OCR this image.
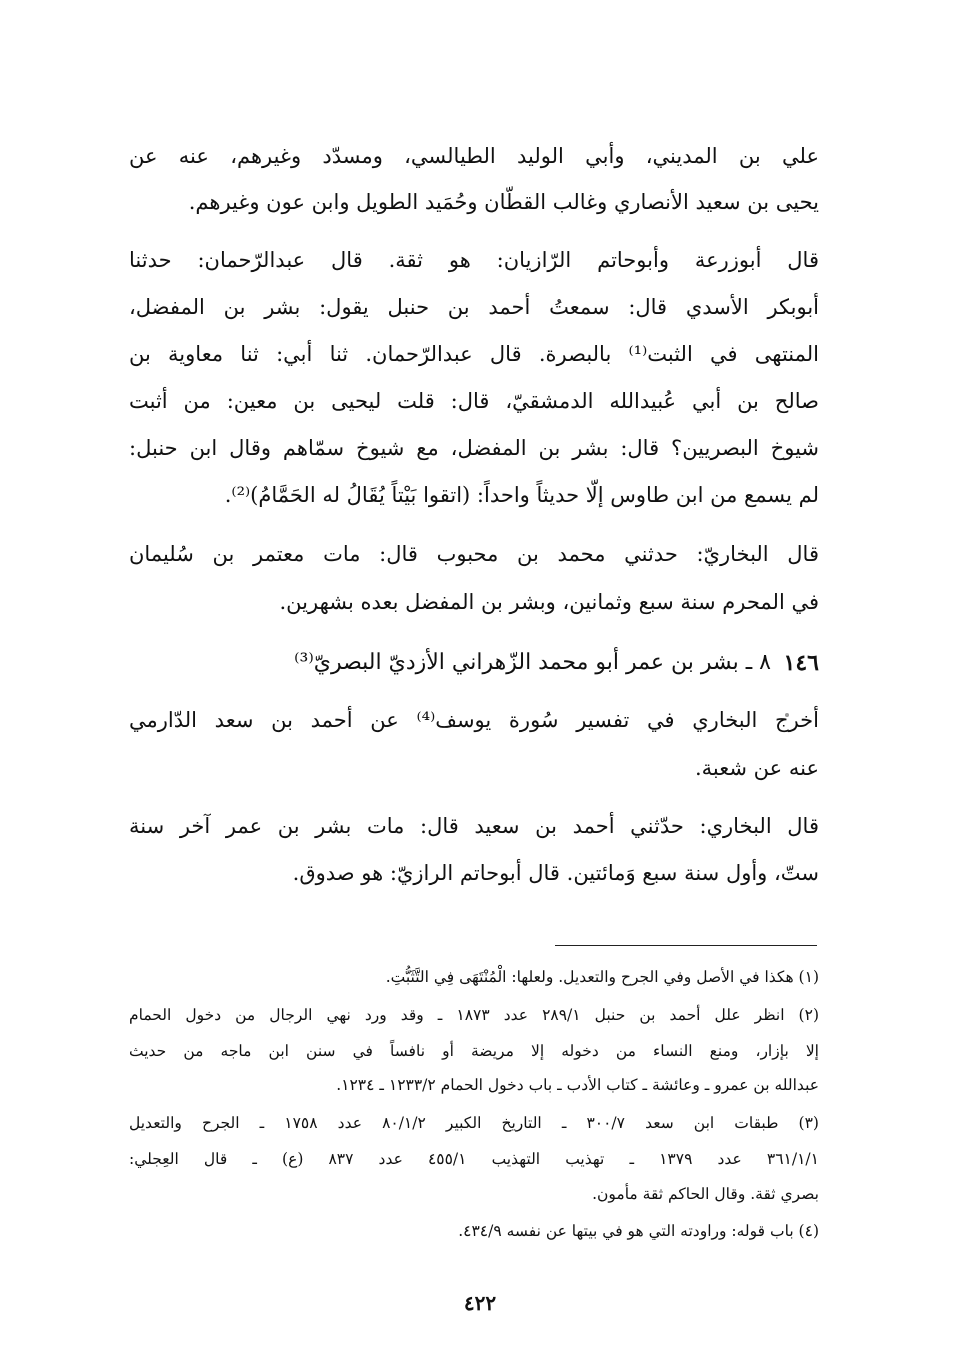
علي بن المديني، وأبي الوليد الطيالسي، ومسدّد وغيرهم، عنه عن
يحيى بن سعيد الأنصاري وغالب القطّان وحُمَيد الطويل وابن عون وغيرهم.
قال أبوزرعة وأبوحاتم الرّازيان: هو ثقة. قال عبدالرّحمان: حدثنا
أبوبكر الأسدي قال: سمعتُ أحمد بن حنبل يقول: بشر بن المفضل،
المنتهى في الثبت⁽¹⁾ بالبصرة. قال عبدالرّحمان. ثنا أبي: ثنا معاوية بن
صالح بن أبي عُبيدالله الدمشقيّ، قال: قلت ليحيى بن معين: من أثبت
شيوخ البصريين؟ قال: بشر بن المفضل، مع شيوخ سمّاهم وقال ابن حنبل:
لم يسمع من ابن طاوس إلّا حديثاً واحداً: (اتقوا بَيْتاً يُقَالُ له الحَمَّامُ)⁽²⁾.
قال البخاريّ: حدثني محمد بن محبوب قال: مات معتمر بن سُليمان
في المحرم سنة سبع وثمانين، وبشر بن المفضل بعده بشهرين.
١٤٦
٨ ـ بشر بن عمر أبو محمد الزّهراني الأزديّ البصريّ⁽³⁾
أخرج البخاري في تفسير سُورة يوسف⁽⁴⁾ عن أحمد بن سعد الدّارمي
عنه عن شعبة.
قال البخاري: حدّثني أحمد بن سعيد قال: مات بشر بن عمر آخر سنة
ستّ، وأول سنة سبع وَمائتين. قال أبوحاتم الرازيّ: هو صدوق.
(١) هكذا في الأصل وفي الجرح والتعديل. ولعلها: الْمُنْتَهَى فِي التَّثَبُّتِ.
(٢) انظر علل أحمد بن حنبل ٢٨٩/١ عدد ١٨٧٣ ـ وقد ورد نهي الرجال من دخول الحمام
إلا بإزار، ومنع النساء من دخوله إلا مريضة أو نافساً في سنن ابن ماجه من حديث
عبدالله بن عمرو ـ وعائشة ـ كتاب الأدب ـ باب دخول الحمام ١٢٣٣/٢ ـ ١٢٣٤.
(٣) طبقات ابن سعد ٣٠٠/٧ ـ التاريخ الكبير ٨٠/١/٢ عدد ١٧٥٨ ـ الجرح والتعديل
٣٦١/١/١ عدد ١٣٧٩ ـ تهذيب التهذيب ٤٥٥/١ عدد ٨٣٧ (ع) ـ قال العِجلي:
بصري ثقة. وقال الحاكم ثقة مأمون.
(٤) باب قوله: وراودته التي هو في بيتها عن نفسه ٤٣٤/٩.
٤٢٢
